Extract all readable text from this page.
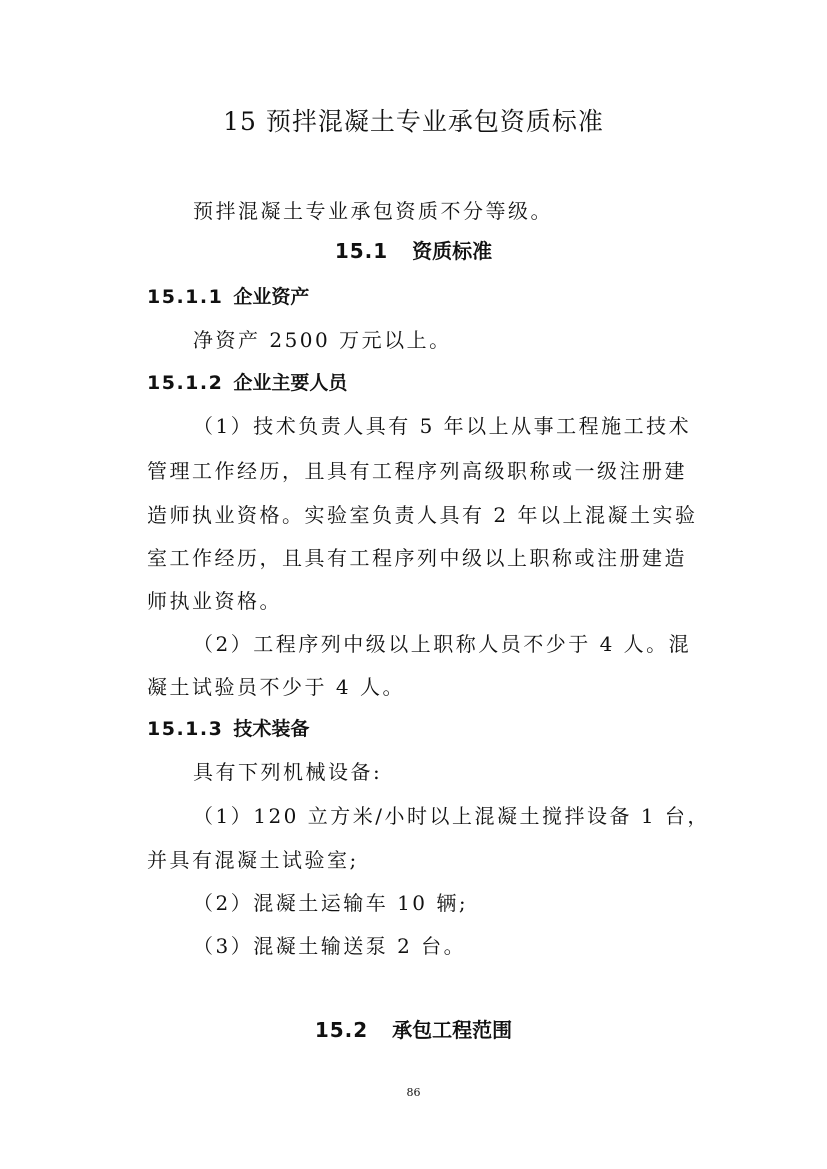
15 预拌混凝土专业承包资质标准
预拌混凝土专业承包资质不分等级。
15.1 资质标准
15.1.1 企业资产
净资产 2500 万元以上。
15.1.2 企业主要人员
（1）技术负责人具有 5 年以上从事工程施工技术
管理工作经历，且具有工程序列高级职称或一级注册建
造师执业资格。实验室负责人具有 2 年以上混凝土实验
室工作经历，且具有工程序列中级以上职称或注册建造
师执业资格。
（2）工程序列中级以上职称人员不少于 4 人。混
凝土试验员不少于 4 人。
15.1.3 技术装备
具有下列机械设备:
（1）120 立方米/小时以上混凝土搅拌设备 1 台，
并具有混凝土试验室;
（2）混凝土运输车 10 辆;
（3）混凝土输送泵 2 台。
15.2 承包工程范围
86
